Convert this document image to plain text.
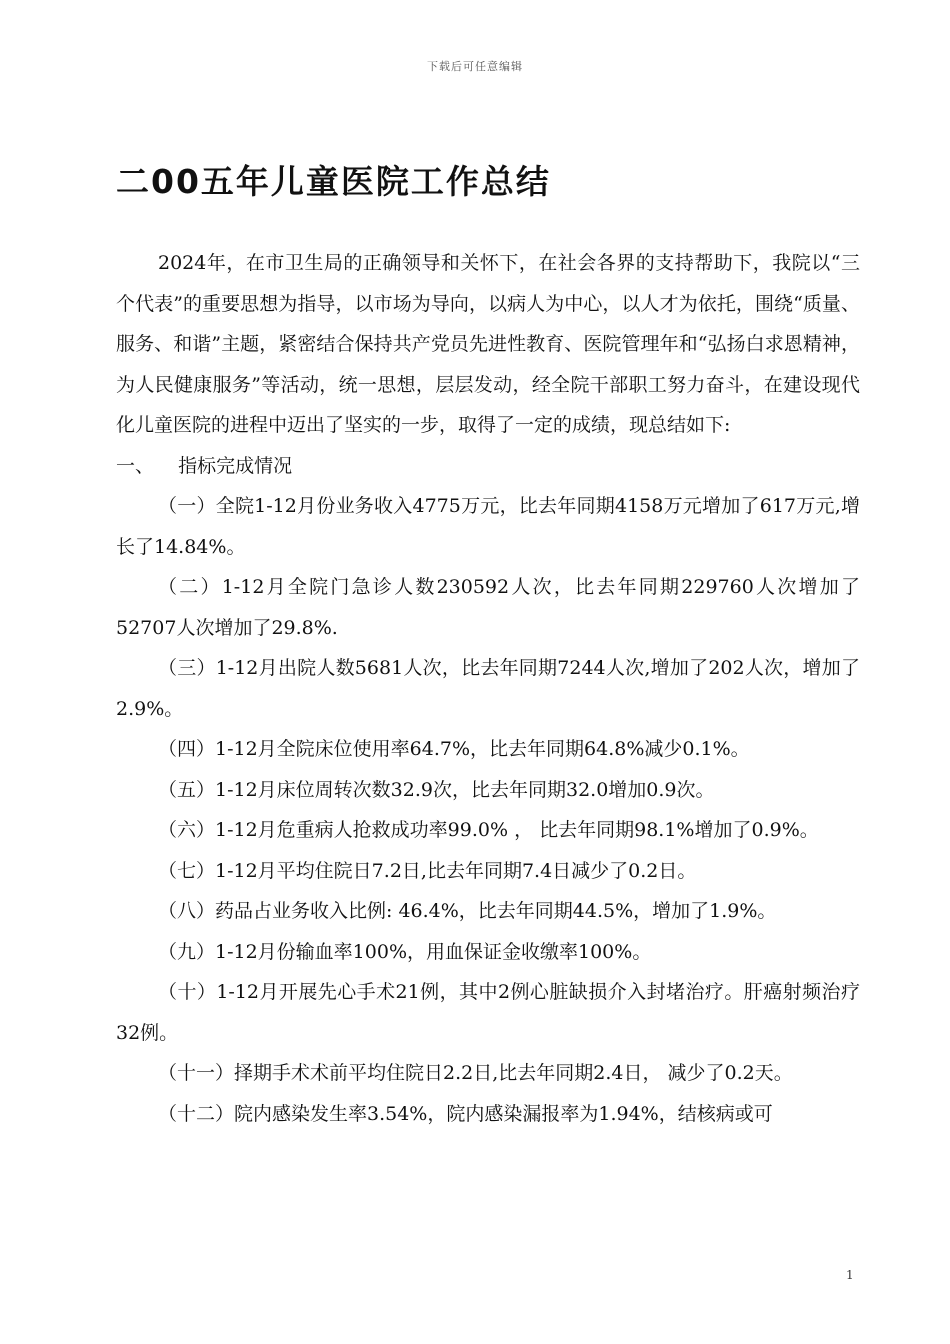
下载后可任意编辑
二00五年儿童医院工作总结

2024年，在市卫生局的正确领导和关怀下，在社会各界的支持帮助下，我院以“三个代表”的重要思想为指导，以市场为导向，以病人为中心，以人才为依托，围绕“质量、服务、和谐”主题，紧密结合保持共产党员先进性教育、医院管理年和“弘扬白求恩精神，为人民健康服务”等活动，统一思想，层层发动，经全院干部职工努力奋斗，在建设现代化儿童医院的进程中迈出了坚实的一步，取得了一定的成绩，现总结如下:

一、    指标完成情况

（一）全院1-12月份业务收入4775万元，比去年同期4158万元增加了617万元,增长了14.84%。

（二）1-12月全院门急诊人数230592人次，比去年同期229760人次增加了52707人次增加了29.8%.

（三）1-12月出院人数5681人次，比去年同期7244人次,增加了202人次，增加了2.9%。

（四）1-12月全院床位使用率64.7%，比去年同期64.8%减少0.1%。

（五）1-12月床位周转次数32.9次，比去年同期32.0增加0.9次。

（六）1-12月危重病人抢救成功率99.0% ， 比去年同期98.1%增加了0.9%。

（七）1-12月平均住院日7.2日,比去年同期7.4日减少了0.2日。

（八）药品占业务收入比例: 46.4%，比去年同期44.5%，增加了1.9%。

（九）1-12月份输血率100%，用血保证金收缴率100%。

（十）1-12月开展先心手术21例，其中2例心脏缺损介入封堵治疗。肝癌射频治疗32例。

（十一）择期手术术前平均住院日2.2日,比去年同期2.4日， 减少了0.2天。

（十二）院内感染发生率3.54%，院内感染漏报率为1.94%，结核病或可

1
